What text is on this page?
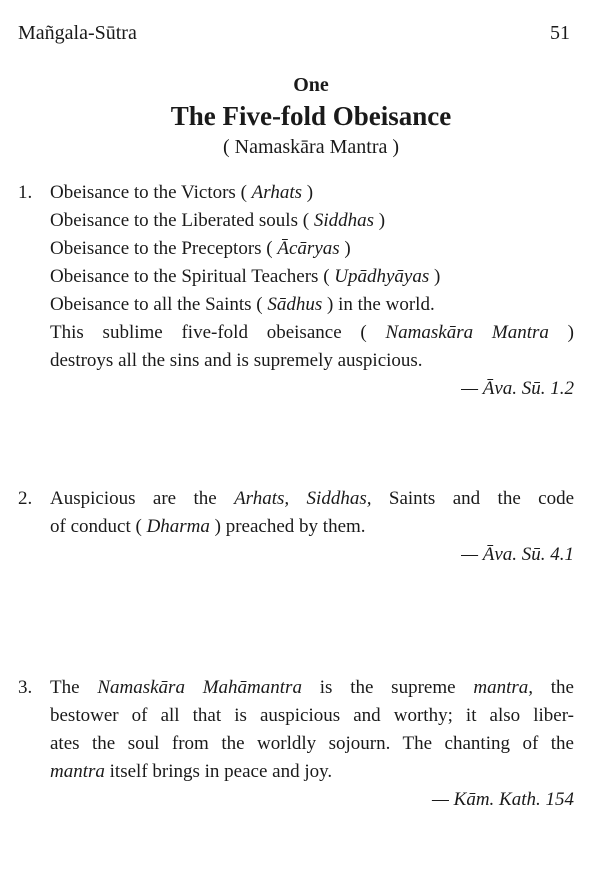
Mañgala-Sūtra	51
One
The Five-fold Obeisance
( Namaskāra Mantra )
1. Obeisance to the Victors ( Arhats )
Obeisance to the Liberated souls ( Siddhas )
Obeisance to the Preceptors ( Ācāryas )
Obeisance to the Spiritual Teachers ( Upādhyāyas )
Obeisance to all the Saints ( Sādhus ) in the world.
This sublime five-fold obeisance ( Namaskāra Mantra )
destroys all the sins and is supremely auspicious.
— Āva. Sū. 1.2
2. Auspicious are the Arhats, Siddhas, Saints and the code
of conduct ( Dharma ) preached by them.
— Āva. Sū. 4.1
3. The Namaskāra Mahāmantra is the supreme mantra, the
bestower of all that is auspicious and worthy; it also liber-
ates the soul from the worldly sojourn. The chanting of the
mantra itself brings in peace and joy.
— Kām. Kath. 154
